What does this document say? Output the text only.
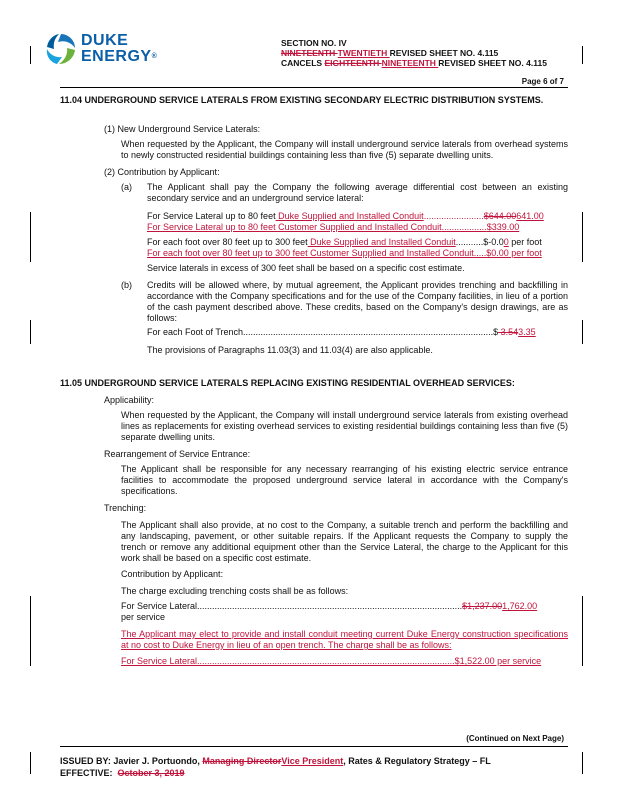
DUKE
ENERGY®
SECTION NO. IV
NINETEENTH TWENTIETH REVISED SHEET NO. 4.115
CANCELS EIGHTEENTH NINETEENTH REVISED SHEET NO. 4.115
Page 6 of 7
11.04 UNDERGROUND SERVICE LATERALS FROM EXISTING SECONDARY ELECTRIC DISTRIBUTION SYSTEMS.
(1) New Underground Service Laterals:
When requested by the Applicant, the Company will install underground service laterals from overhead systems to newly constructed residential buildings containing less than five (5) separate dwelling units.
(2) Contribution by Applicant:
(a) The Applicant shall pay the Company the following average differential cost between an existing secondary service and an underground service lateral:
For Service Lateral up to 80 feet Duke Supplied and Installed Conduit........................$644.00641.00
For Service Lateral up to 80 feet Customer Supplied and Installed Conduit..................$339.00
For each foot over 80 feet up to 300 feet Duke Supplied and Installed Conduit...........$-0.00 per foot
For each foot over 80 feet up to 300 feet Customer Supplied and Installed Conduit.....$0.00 per foot
Service laterals in excess of 300 feet shall be based on a specific cost estimate.
(b) Credits will be allowed where, by mutual agreement, the Applicant provides trenching and backfilling in accordance with the Company specifications and for the use of the Company facilities, in lieu of a portion of the cash payment described above. These credits, based on the Company's design drawings, are as follows:
For each Foot of Trench....................................................................................................$ 3.543.35
The provisions of Paragraphs 11.03(3) and 11.03(4) are also applicable.
11.05 UNDERGROUND SERVICE LATERALS REPLACING EXISTING RESIDENTIAL OVERHEAD SERVICES:
Applicability:
When requested by the Applicant, the Company will install underground service laterals from existing overhead lines as replacements for existing overhead services to existing residential buildings containing less than five (5) separate dwelling units.
Rearrangement of Service Entrance:
The Applicant shall be responsible for any necessary rearranging of his existing electric service entrance facilities to accommodate the proposed underground service lateral in accordance with the Company's specifications.
Trenching:
The Applicant shall also provide, at no cost to the Company, a suitable trench and perform the backfilling and any landscaping, pavement, or other suitable repairs. If the Applicant requests the Company to supply the trench or remove any additional equipment other than the Service Lateral, the charge to the Applicant for this work shall be based on a specific cost estimate.
Contribution by Applicant:
The charge excluding trenching costs shall be as follows:
For Service Lateral..........................................................................................................$1,237.001,762.00
per service
The Applicant may elect to provide and install conduit meeting current Duke Energy construction specifications at no cost to Duke Energy in lieu of an open trench. The charge shall be as follows:
For Service Lateral.......................................................................................................$1,522.00 per service
(Continued on Next Page)
ISSUED BY: Javier J. Portuondo, Managing DirectorVice President, Rates & Regulatory Strategy – FL
EFFECTIVE: October 3, 2019
